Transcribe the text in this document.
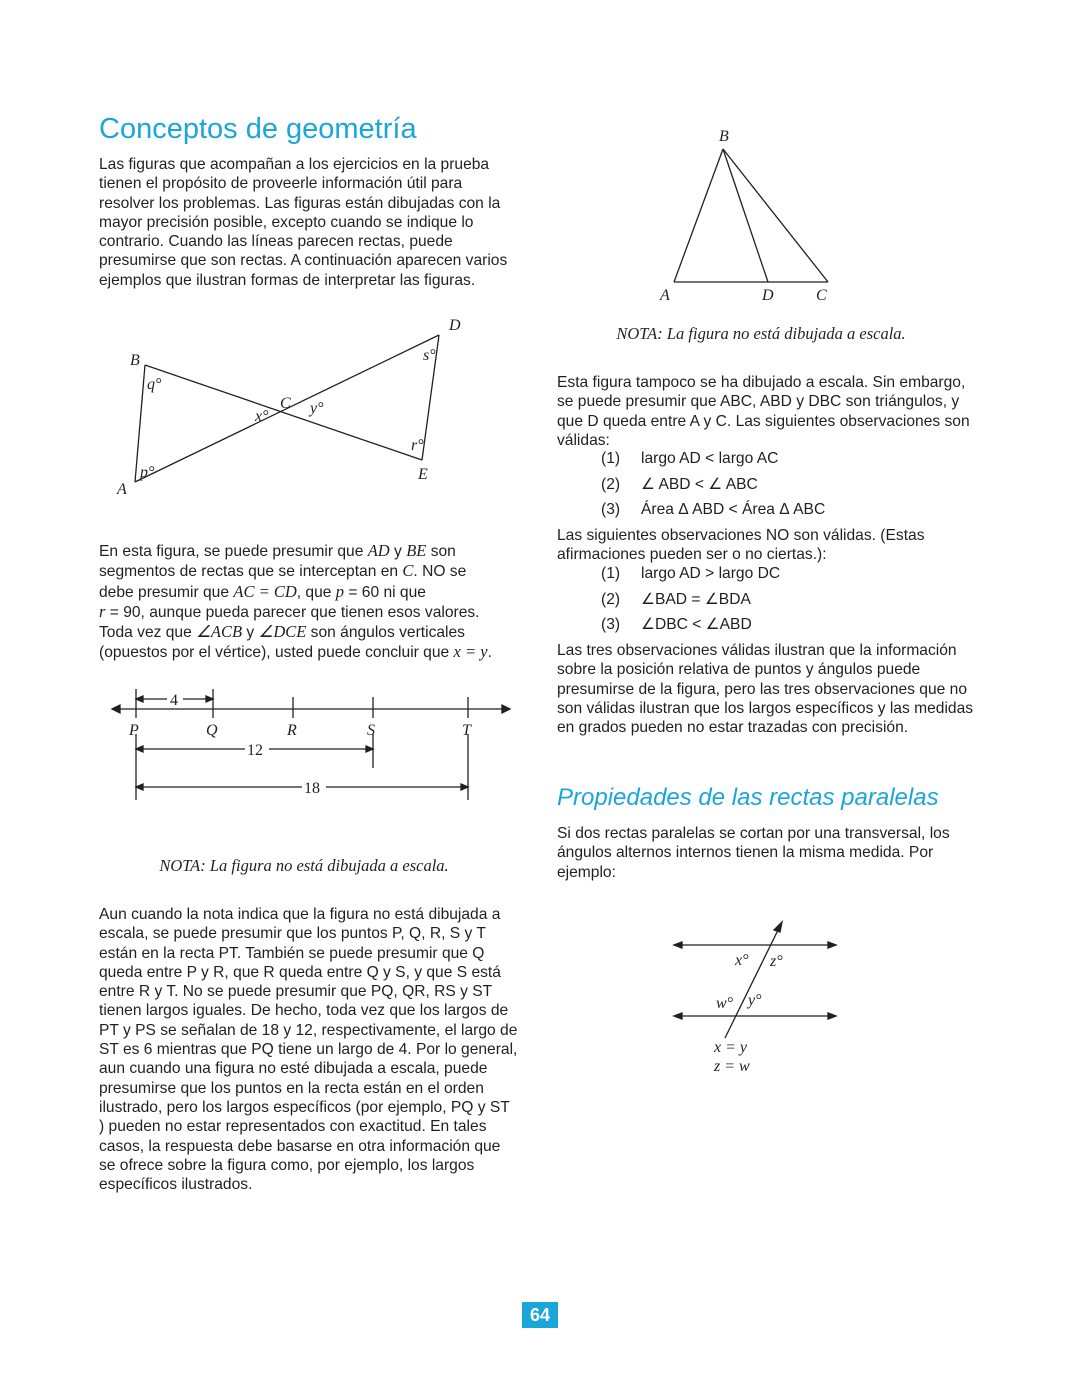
Conceptos de geometría

Las figuras que acompañan a los ejercicios en la prueba tienen el propósito de proveerle información útil para resolver los problemas. Las figuras están dibujadas con la mayor precisión posible, excepto cuando se indique lo contrario. Cuando las líneas parecen rectas, puede presumirse que son rectas. A continuación aparecen varios ejemplos que ilustran formas de interpretar las figuras.

B
A
C
D
E
q°
p°
x°	y°
s°
r°
En esta figura, se puede presumir que AD y BE son
segmentos de rectas que se interceptan en C. NO se
debe presumir que AC = CD, que p = 60 ni que
r = 90, aunque pueda parecer que tienen esos valores.
Toda vez que ∠ACB y ∠DCE son ángulos verticales
(opuestos por el vértice), usted puede concluir que x = y.
4
P	Q	R	S	T
12
18
NOTA: La figura no está dibujada a escala.

Aun cuando la nota indica que la figura no está dibujada a escala, se puede presumir que los puntos P, Q, R, S y T están en la recta PT. También se puede presumir que Q queda entre P y R, que R queda entre Q y S, y que S está entre R y T. No se puede presumir que PQ, QR, RS y ST tienen largos iguales. De hecho, toda vez que los largos de PT y PS se señalan de 18 y 12, respectivamente, el largo de ST es 6 mientras que PQ tiene un largo de 4. Por lo general, aun cuando una figura no esté dibujada a escala, puede presumirse que los puntos en la recta están en el orden ilustrado, pero los largos específicos (por ejemplo, PQ y ST ) pueden no estar representados con exactitud. En tales casos, la respuesta debe basarse en otra información que se ofrece sobre la figura como, por ejemplo, los largos específicos ilustrados.

B
A	D	C
NOTA: La figura no está dibujada a escala.

Esta figura tampoco se ha dibujado a escala. Sin embargo, se puede presumir que ABC, ABD y DBC son triángulos, y que D queda entre A y C. Las siguientes observaciones son válidas:

(1)	largo AD < largo AC
(2)	∠ ABD < ∠ ABC
(3)	Área Δ ABD < Área Δ ABC

Las siguientes observaciones NO son válidas. (Estas afirmaciones pueden ser o no ciertas.):

(1)	largo AD > largo DC
(2)	∠BAD = ∠BDA
(3)	∠DBC < ∠ABD

Las tres observaciones válidas ilustran que la información sobre la posición relativa de puntos y ángulos puede presumirse de la figura, pero las tres observaciones que no son válidas ilustran que los largos específicos y las medidas en grados pueden no estar trazadas con precisión.

Propiedades de las rectas paralelas

Si dos rectas paralelas se cortan por una transversal, los ángulos alternos internos tienen la misma medida. Por ejemplo:

x° z°
w° y°
x = y
z = w
64
